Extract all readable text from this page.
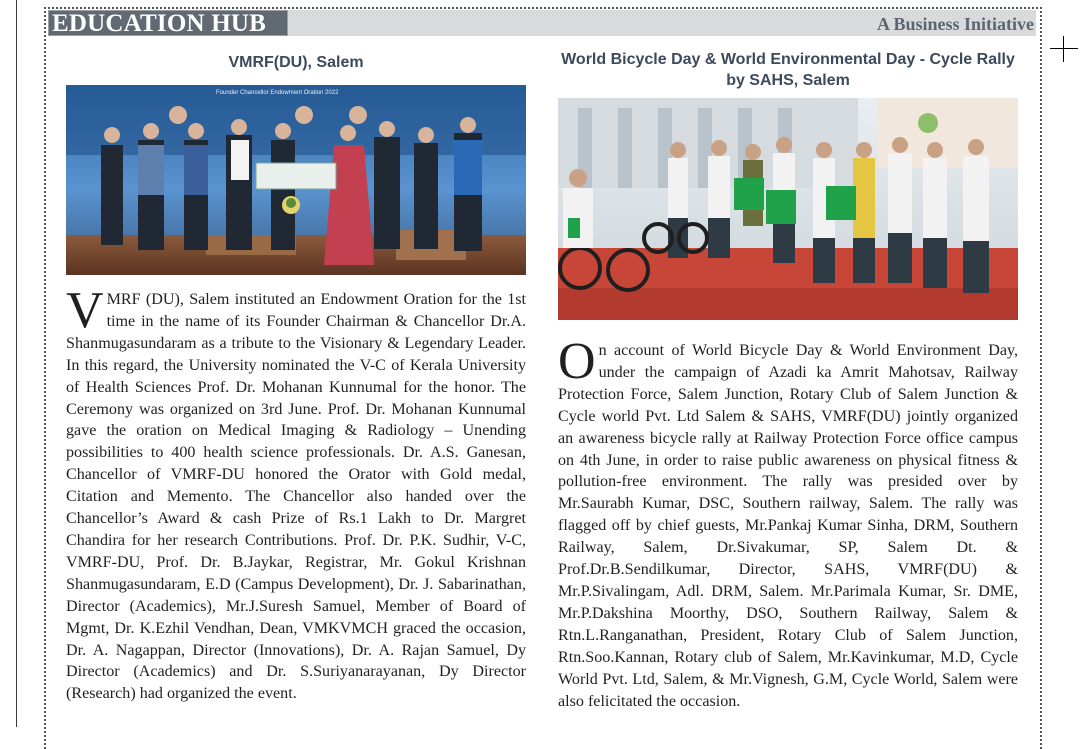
EDUCATION HUB	A Business Initiative
VMRF(DU), Salem
Founder Chancellor Endowment Oration 2022

VMRF (DU), Salem instituted an Endowment Oration for the 1st time in the name of its Founder Chairman & Chancellor Dr.A. Shanmugasundaram as a tribute to the Visionary & Legendary Leader. In this regard, the University nominated the V-C of Kerala University of Health Sciences Prof. Dr. Mohanan Kunnumal for the honor. The Ceremony was organized on 3rd June. Prof. Dr. Mohanan Kunnumal gave the oration on Medical Imaging & Radiology – Unending possibilities to 400 health science professionals. Dr. A.S. Ganesan, Chancellor of VMRF-DU honored the Orator with Gold medal, Citation and Memento. The Chancellor also handed over the Chancellor’s Award & cash Prize of Rs.1 Lakh to Dr. Margret Chandira for her research Contributions. Prof. Dr. P.K. Sudhir, V-C, VMRF-DU, Prof. Dr. B.Jaykar, Registrar, Mr. Gokul Krishnan Shanmugasundaram, E.D (Campus Development), Dr. J. Sabarinathan, Director (Academics), Mr.J.Suresh Samuel, Member of Board of Mgmt, Dr. K.Ezhil Vendhan, Dean, VMKVMCH graced the occasion, Dr. A. Nagappan, Director (Innovations), Dr. A. Rajan Samuel, Dy Director (Academics) and Dr. S.Suriyanarayanan, Dy Director (Research) had organized the event.

World Bicycle Day & World Environmental Day - Cycle Rally by SAHS, Salem

On account of World Bicycle Day & World Environment Day, under the campaign of Azadi ka Amrit Mahotsav, Railway Protection Force, Salem Junction, Rotary Club of Salem Junction & Cycle world Pvt. Ltd Salem & SAHS, VMRF(DU) jointly organized an awareness bicycle rally at Railway Protection Force office campus on 4th June, in order to raise public awareness on physical fitness & pollution-free environment. The rally was presided over by Mr.Saurabh Kumar, DSC, Southern railway, Salem. The rally was flagged off by chief guests, Mr.Pankaj Kumar Sinha, DRM, Southern Railway, Salem, Dr.Sivakumar, SP, Salem Dt. & Prof.Dr.B.Sendilkumar, Director, SAHS, VMRF(DU) & Mr.P.Sivalingam, Adl. DRM, Salem. Mr.Parimala Kumar, Sr. DME, Mr.P.Dakshina Moorthy, DSO, Southern Railway, Salem & Rtn.L.Ranganathan, President, Rotary Club of Salem Junction, Rtn.Soo.Kannan, Rotary club of Salem, Mr.Kavinkumar, M.D, Cycle World Pvt. Ltd, Salem, & Mr.Vignesh, G.M, Cycle World, Salem were also felicitated the occasion.
